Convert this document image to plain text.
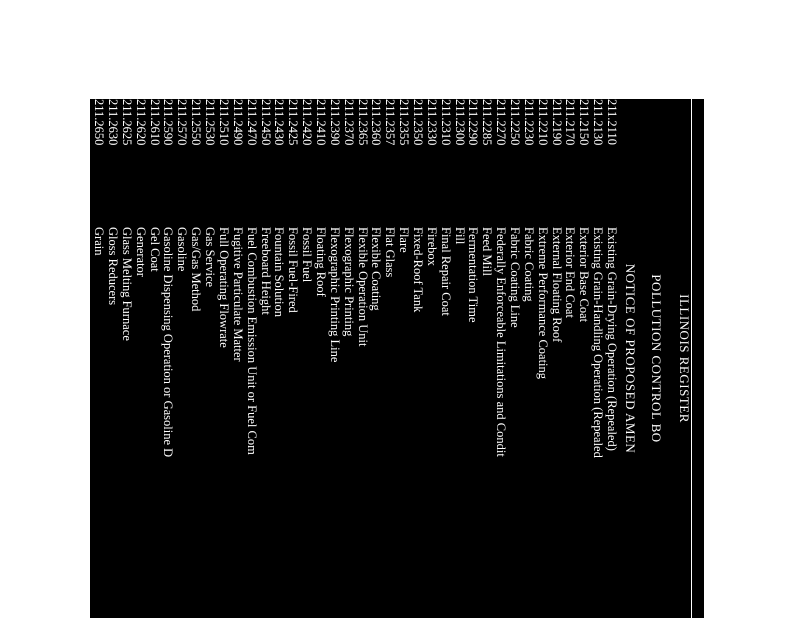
ILLINOIS REGISTER
POLLUTION CONTROL BO
NOTICE OF PROPOSED AMEN
211.2110
Existing Grain-Drying Operation (Repealed)
211.2130
Existing Grain-Handling Operation (Repealed
211.2150
Exterior Base Coat
211.2170
Exterior End Coat
211.2190
External Floating Roof
211.2210
Extreme Performance Coating
211.2230
Fabric Coating
211.2250
Fabric Coating Line
211.2270
Federally Enforceable Limitations and Condit
211.2285
Feed Mill
211.2290
Fermentation Time
211.2300
Fill
211.2310
Final Repair Coat
211.2330
Firebox
211.2350
Fixed-Roof Tank
211.2355
Flare
211.2357
Flat Glass
211.2360
Flexible Coating
211.2365
Flexible Operation Unit
211.2370
Flexographic Printing
211.2390
Flexographic Printing Line
211.2410
Floating Roof
211.2420
Fossil Fuel
211.2425
Fossil Fuel-Fired
211.2430
Fountain Solution
211.2450
Freeboard Height
211.2470
Fuel Combustion Emission Unit or Fuel Com
211.2490
Fugitive Particulate Matter
211.2510
Full Operating Flowrate
211.2530
Gas Service
211.2550
Gas/Gas Method
211.2570
Gasoline
211.2590
Gasoline Dispensing Operation or Gasoline D
211.2610
Gel Coat
211.2620
Generator
211.2625
Glass Melting Furnace
211.2630
Gloss Reducers
211.2650
Grain
211.2670
Grain-Drying Operation
